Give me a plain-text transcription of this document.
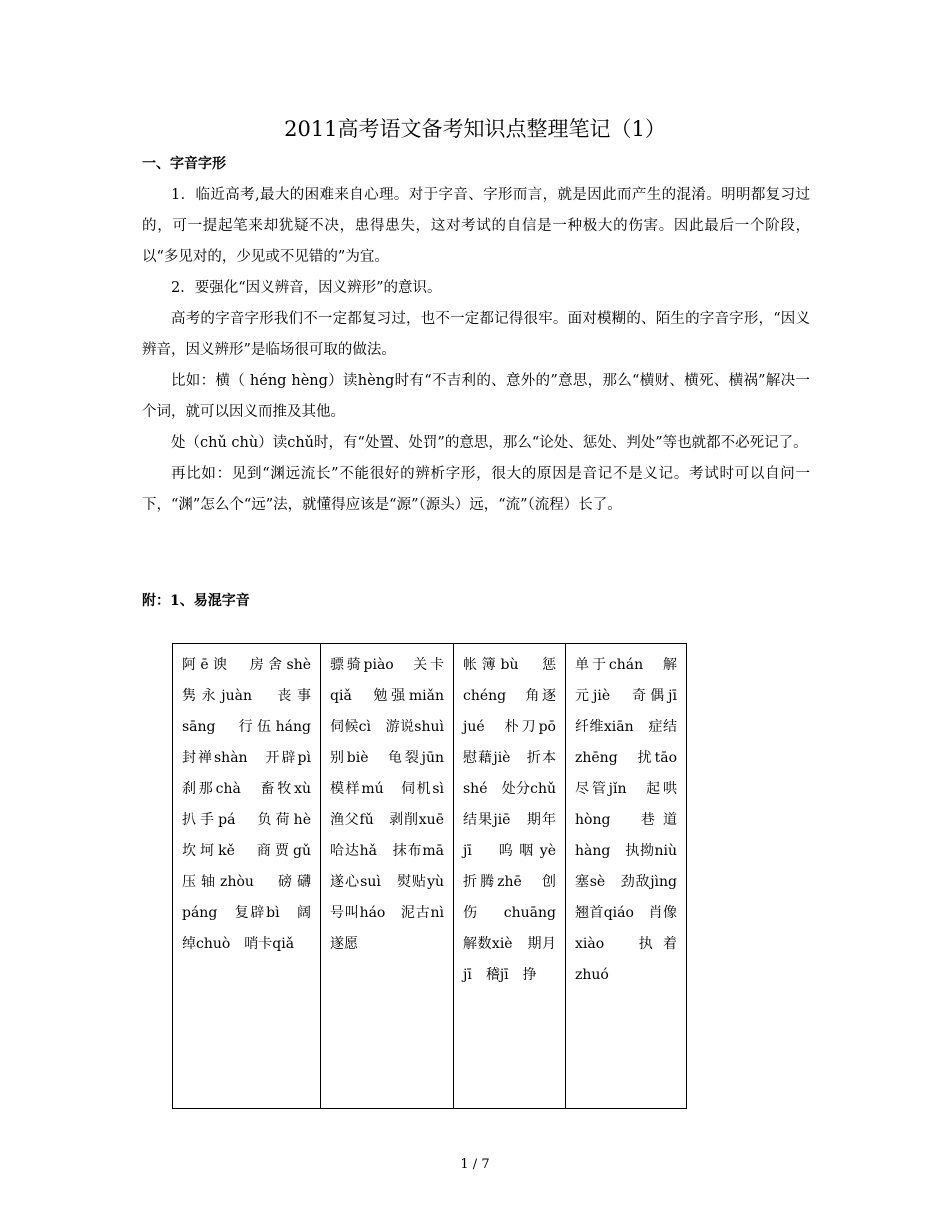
2011高考语文备考知识点整理笔记（1）
一、字音字形

1．临近高考,最大的困难来自心理。对于字音、字形而言，就是因此而产生的混淆。明明都复习过的，可一提起笔来却犹疑不决，患得患失，这对考试的自信是一种极大的伤害。因此最后一个阶段，以“多见对的，少见或不见错的”为宜。

2．要强化“因义辨音，因义辨形”的意识。

高考的字音字形我们不一定都复习过，也不一定都记得很牢。面对模糊的、陌生的字音字形，“因义辨音，因义辨形”是临场很可取的做法。

比如：横（ héng hèng）读hèng时有“不吉利的、意外的”意思，那么“横财、横死、横祸”解决一个词，就可以因义而推及其他。

处（chǔ chù）读chǔ时，有“处置、处罚”的意思，那么“论处、惩处、判处”等也就都不必死记了。

再比如：见到“渊远流长”不能很好的辨析字形，很大的原因是音记不是义记。考试时可以自问一下，“渊”怎么个“远”法，就懂得应该是“源”（源头）远，“流”（流程）长了。

附：1、易混字音
阿ē谀　房舍shè　隽永juàn　丧事sāng　行伍háng　封禅shàn　开辟pì　刹那chà　畜牧xù　扒手pá　负荷hè　坎坷kě　商贾gǔ　压轴zhòu　磅礴páng　复辟bì　阔绰chuò　哨卡qiǎ	骠骑piào　关卡qiǎ　勉强miǎn　伺候cì　游说shuì　别biè　龟裂jūn　模样mú　伺机sì　渔父fǔ　剥削xuē　哈达hǎ　抹布mā　遂心suì　熨贴yù　号叫háo　泥古nì　遂愿	帐簿bù　惩chéng　角逐jué　朴刀pō　慰藉jiè　折本shé　处分chǔ　结果jiē　期年jī　呜咽yè　折腾zhē　创伤chuāng　解数xiè　期月jī　稽jī　挣	单于chán　解元jiè　奇偶jī　纤维xiān　症结zhēng　扰tāo　尽管jǐn　起哄hòng　巷道hàng　执拗niù　塞sè　劲敌jìng　翘首qiáo　肖像xiào　执着zhuó
1 / 7
